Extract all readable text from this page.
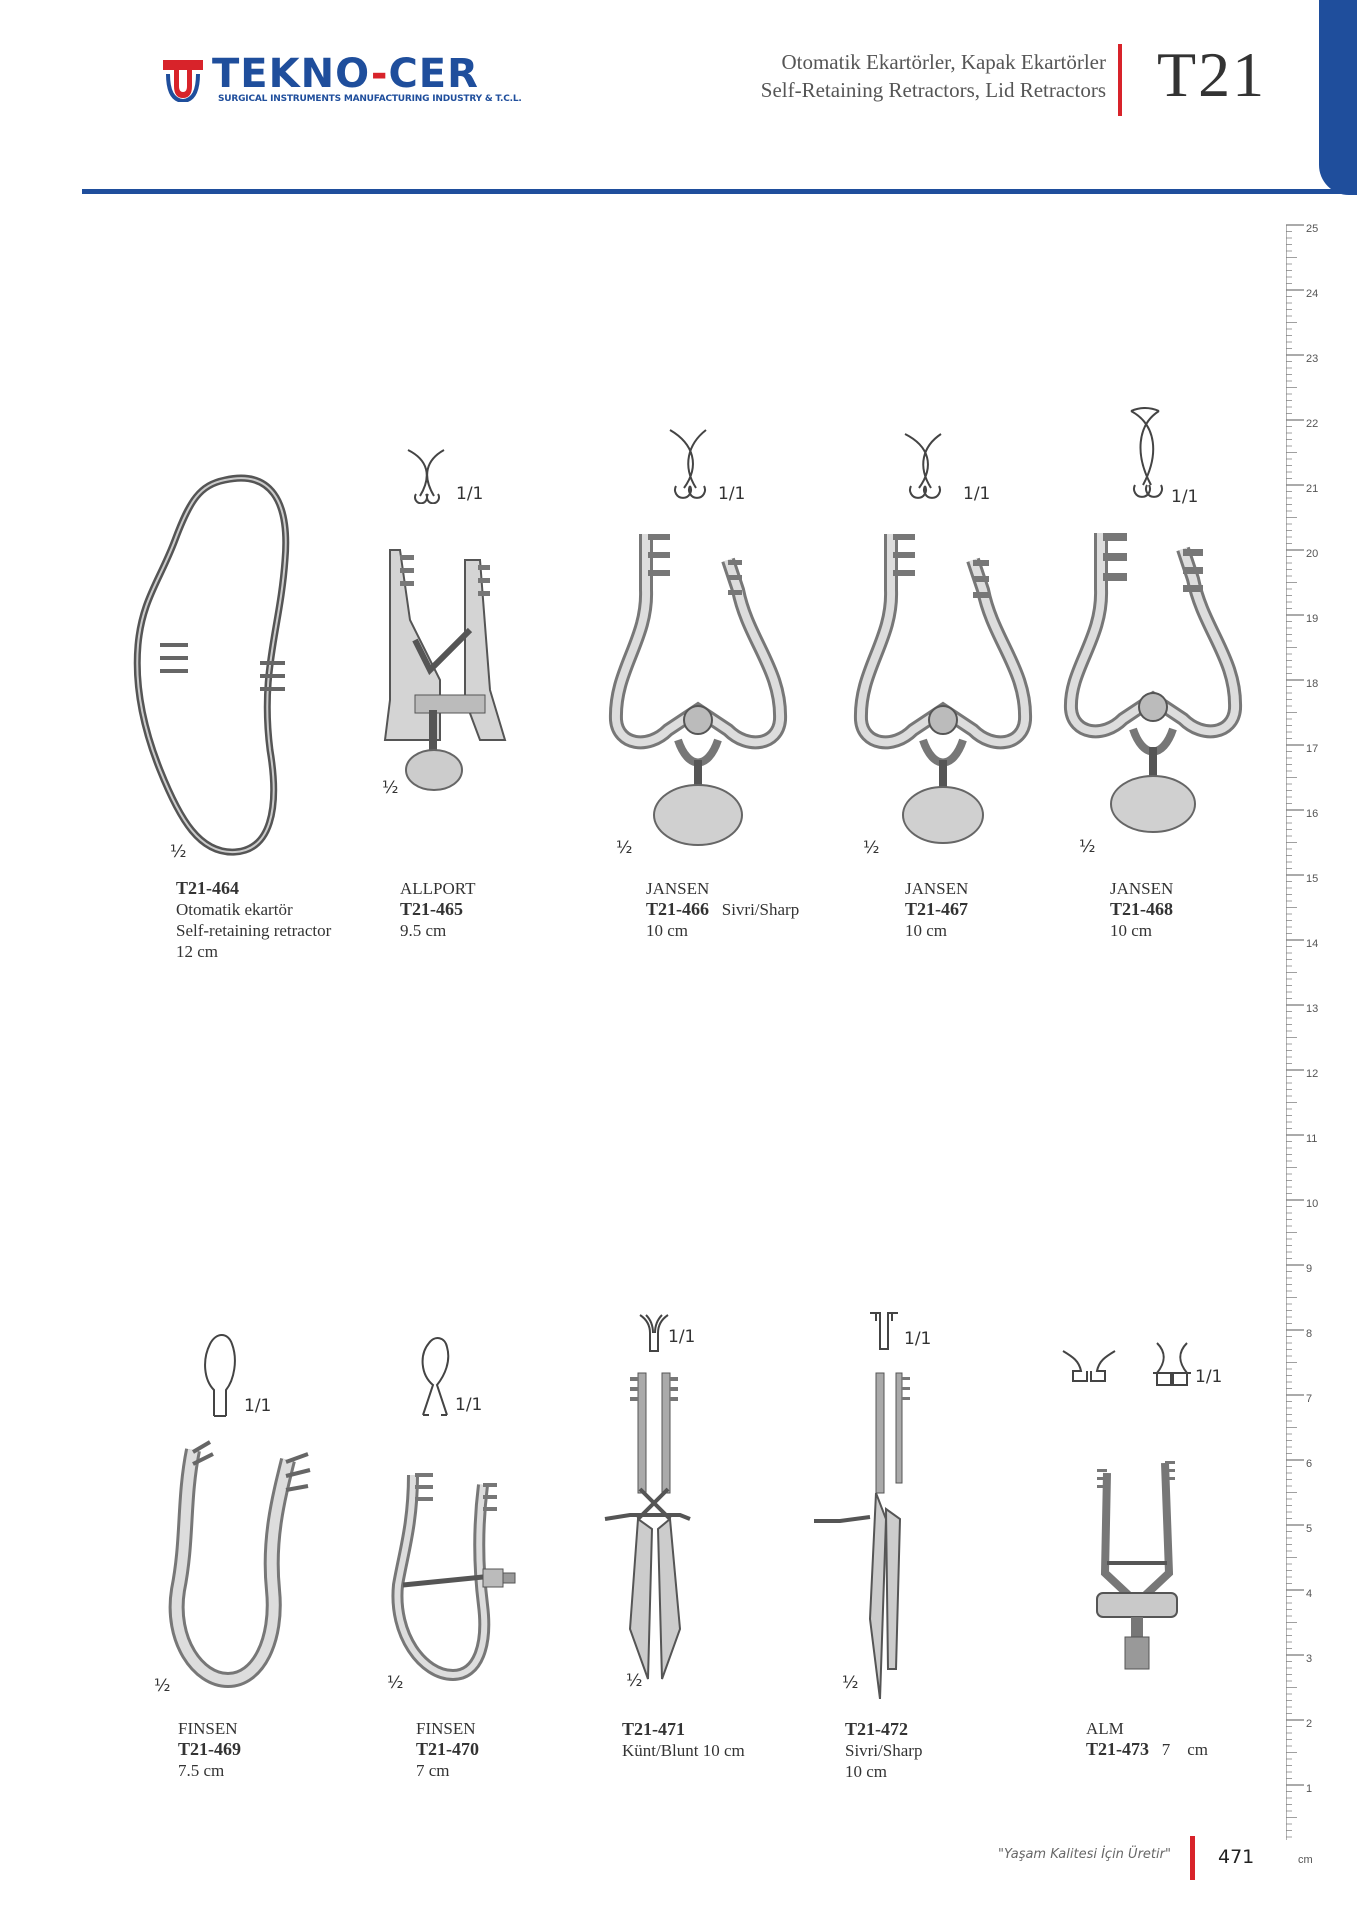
TEKNO-CER
SURGICAL INSTRUMENTS MANUFACTURING INDUSTRY & T.C.L.
Otomatik Ekartörler, Kapak Ekartörler
Self-Retaining Retractors, Lid Retractors T21
25
24
23
22
21
20
19
18
17
16
15
14
13
12
11
10
9
8
7
6
5
4
3
2
1
cm
½
T21-464
Otomatik ekartör
Self-retaining retractor
12 cm
1/1
½
ALLPORT
T21-465
9.5 cm
1/1
½
JANSEN
T21-466 Sivri/Sharp
10 cm
1/1
½
JANSEN
T21-467
10 cm
1/1
½
JANSEN
T21-468
10 cm
1/1
½
FINSEN
T21-469
7.5 cm
1/1
½
FINSEN
T21-470
7 cm
1/1
½
T21-471
Künt/Blunt 10 cm
1/1
½
T21-472
Sivri/Sharp
10 cm
1/1
ALM
T21-473 7    cm
"Yaşam Kalitesi İçin Üretir" 471
